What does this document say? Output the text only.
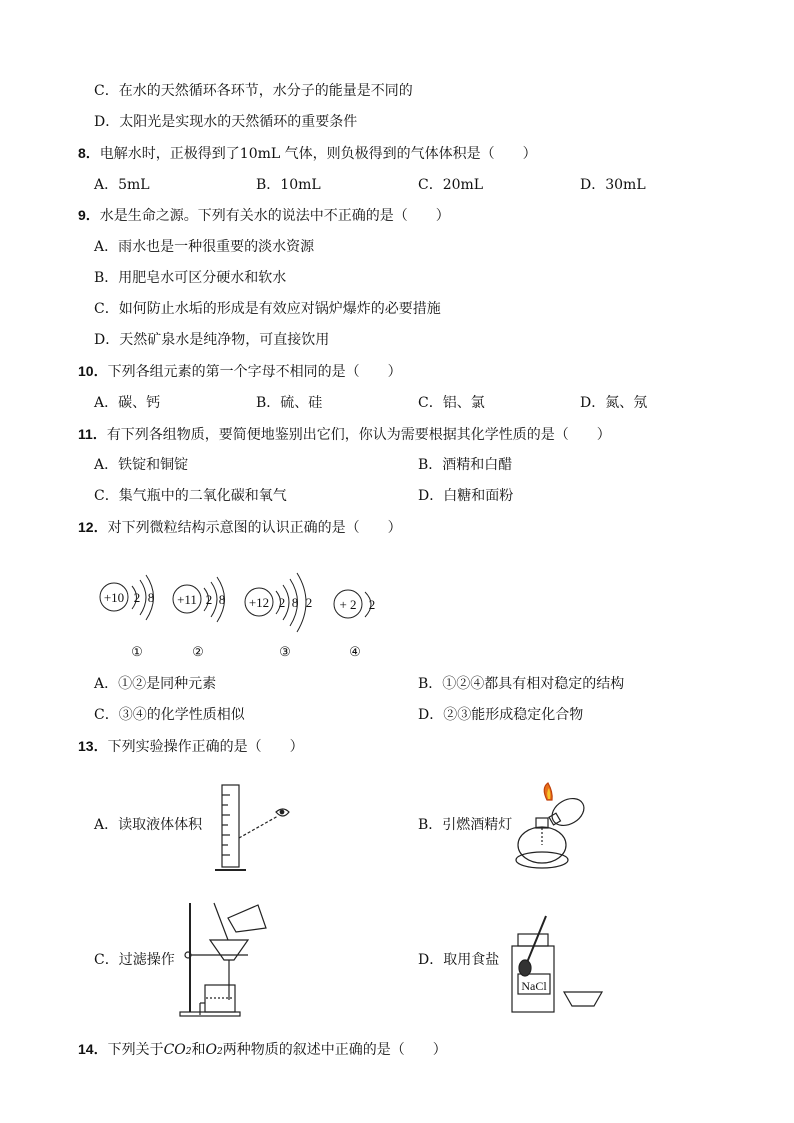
C．在水的天然循环各环节，水分子的能量是不同的
D．太阳光是实现水的天然循环的重要条件
8．电解水时，正极得到了10mL 气体，则负极得到的气体体积是（　　）
A．5mL	B．10mL	C．20mL	D．30mL
9．水是生命之源。下列有关水的说法中不正确的是（　　）
A．雨水也是一种很重要的淡水资源
B．用肥皂水可区分硬水和软水
C．如何防止水垢的形成是有效应对锅炉爆炸的必要措施
D．天然矿泉水是纯净物，可直接饮用
10．下列各组元素的第一个字母不相同的是（　　）
A．碳、钙	B．硫、硅	C．铝、氯	D．氮、氖
11．有下列各组物质，要简便地鉴别出它们，你认为需要根据其化学性质的是（　　）
A．铁锭和铜锭	B．酒精和白醋
C．集气瓶中的二氧化碳和氧气	D．白糖和面粉
12．对下列微粒结构示意图的认识正确的是（　　）
+10 2 8
①
+11 2 8
②
+12 2 8 2
③
+ 2 2
④
A．①②是同种元素	B．①②④都具有相对稳定的结构
C．③④的化学性质相似	D．②③能形成稳定化合物
13．下列实验操作正确的是（　　）
A．读取液体体积	B．引燃酒精灯
C．过滤操作	D．取用食盐
NaCl
14．下列关于CO2和O2两种物质的叙述中正确的是（　　）
